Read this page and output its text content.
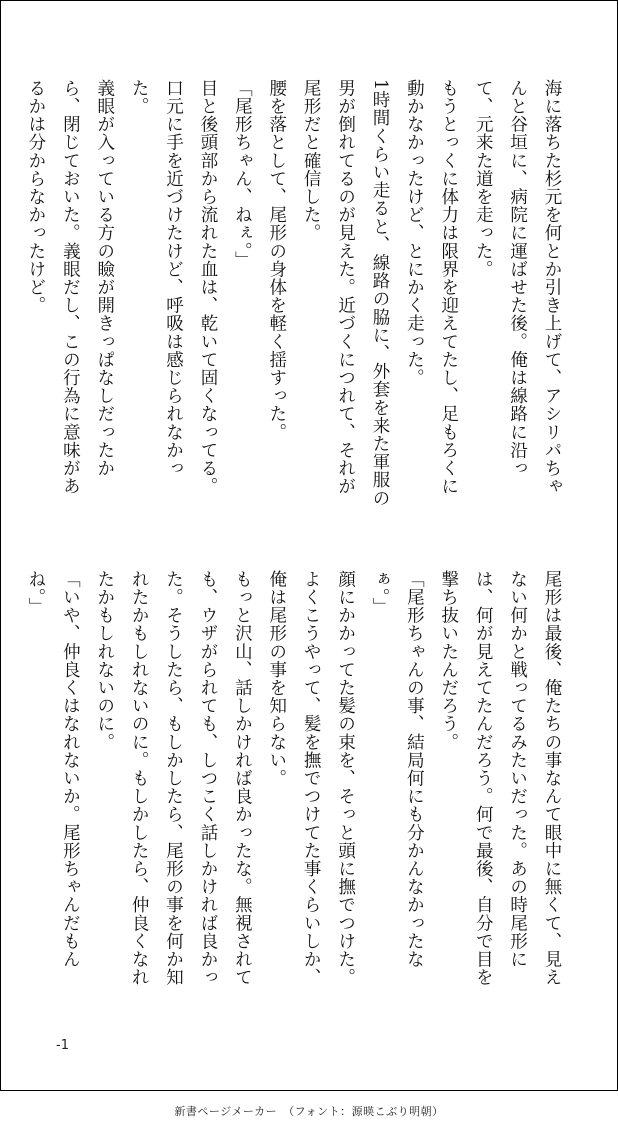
海に落ちた杉元を何とか引き上げて、アシリパちゃんと谷垣に、病院に運ばせた後。俺は線路に沿って、元来た道を走った。

もうとっくに体力は限界を迎えてたし、足もろくに動かなかったけど、とにかく走った。

1時間くらい走ると、線路の脇に、外套を来た軍服の男が倒れてるのが見えた。近づくにつれて、それが尾形だと確信した。

腰を落として、尾形の身体を軽く揺すった。

「尾形ちゃん、ねぇ。」

目と後頭部から流れた血は、乾いて固くなってる。口元に手を近づけたけど、呼吸は感じられなかった。

義眼が入っている方の瞼が開きっぱなしだったから、閉じておいた。義眼だし、この行為に意味があるかは分からなかったけど。

尾形は最後、俺たちの事なんて眼中に無くて、見えない何かと戦ってるみたいだった。あの時尾形には、何が見えてたんだろう。何で最後、自分で目を撃ち抜いたんだろう。

「尾形ちゃんの事、結局何にも分かんなかったなぁ。」

顔にかかってた髪の束を、そっと頭に撫でつけた。よくこうやって、髪を撫でつけてた事くらいしか、俺は尾形の事を知らない。

もっと沢山、話しかければ良かったな。無視されても、ウザがられても、しつこく話しかければ良かった。そうしたら、もしかしたら、尾形の事を何か知れたかもしれないのに。もしかしたら、仲良くなれたかもしれないのに。

「いや、仲良くはなれないか。尾形ちゃんだもんね。」

-1
新書ページメーカー　（フォント：源暎こぶり明朝）
